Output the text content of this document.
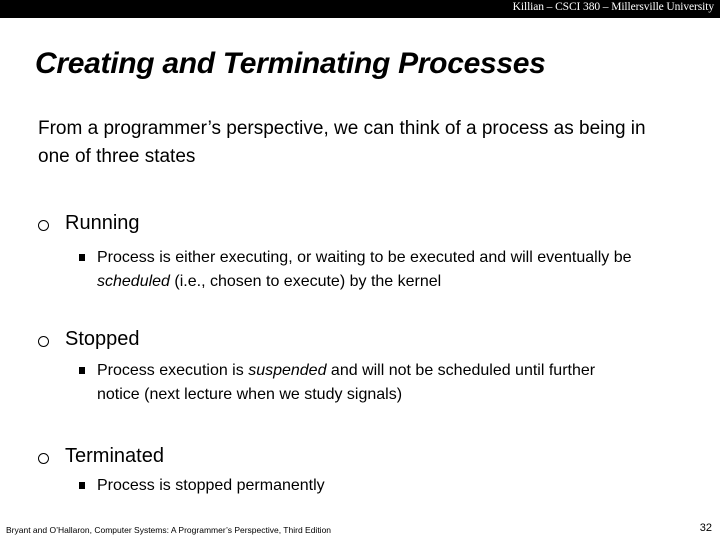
Killian – CSCI 380 – Millersville University
Creating and Terminating Processes
From a programmer’s perspective, we can think of a process as being in one of three states
Running
Process is either executing, or waiting to be executed and will eventually be scheduled (i.e., chosen to execute) by the kernel
Stopped
Process execution is suspended and will not be scheduled until further notice (next lecture when we study signals)
Terminated
Process is stopped permanently
Bryant and O’Hallaron, Computer Systems: A Programmer’s Perspective, Third Edition	32
